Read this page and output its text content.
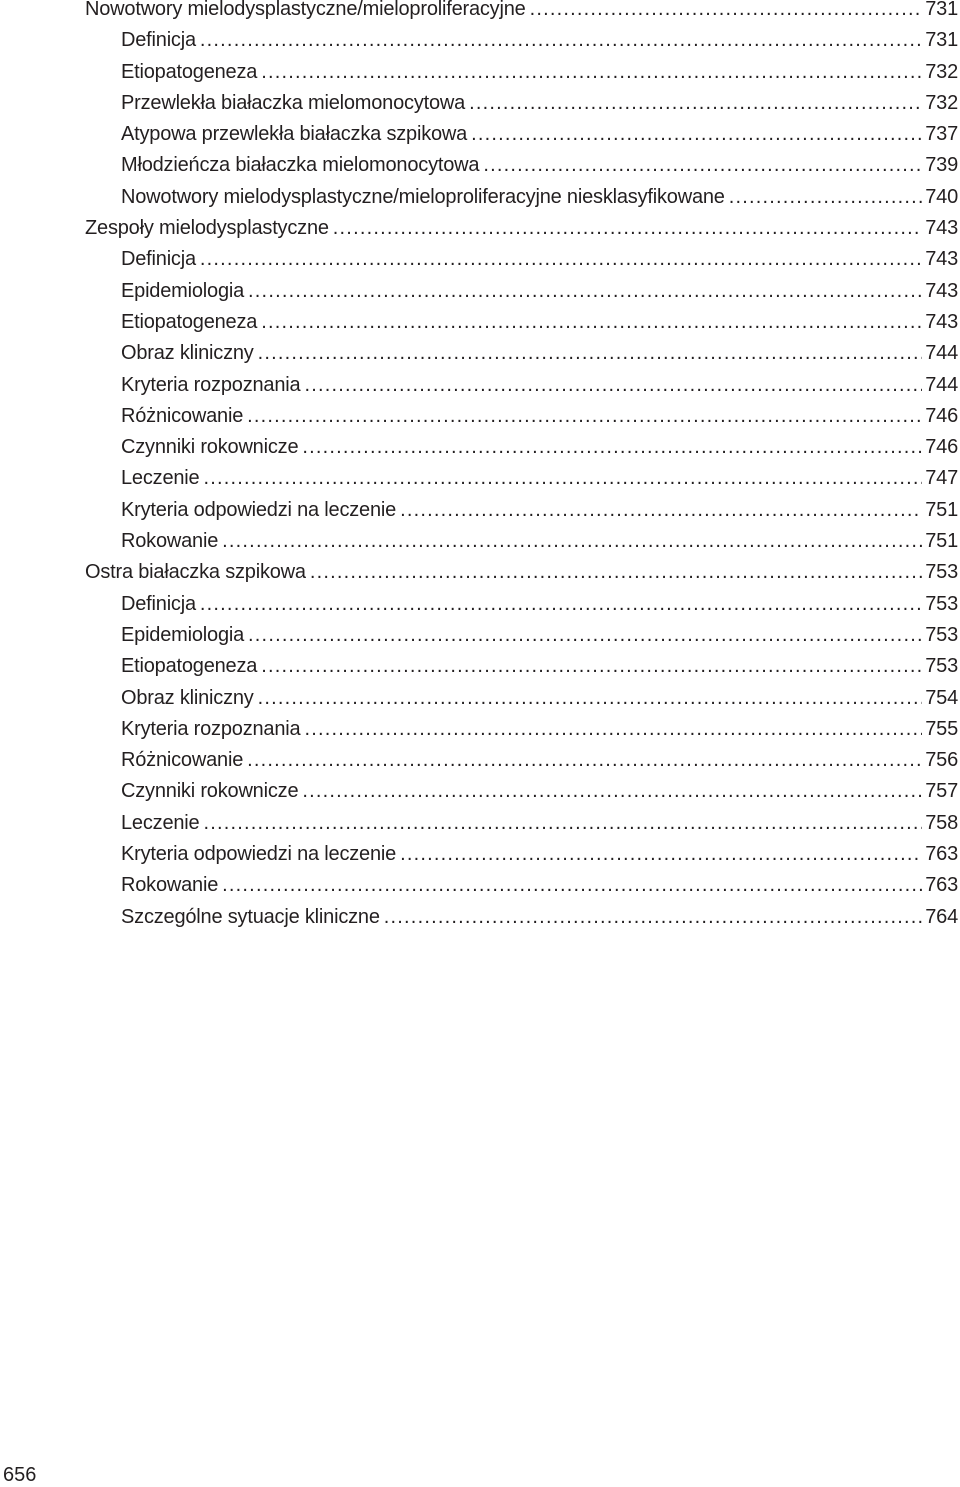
Nowotwory mielodysplastyczne/mieloproliferacyjne .....	731
Definicja .....	731
Etiopatogeneza .....	732
Przewlekła białaczka mielomonocytowa .....	732
Atypowa przewlekła białaczka szpikowa .....	737
Młodzieńcza białaczka mielomonocytowa .....	739
Nowotwory mielodysplastyczne/mieloproliferacyjne niesklasyfikowane .....	740
Zespoły mielodysplastyczne .....	743
Definicja .....	743
Epidemiologia .....	743
Etiopatogeneza .....	743
Obraz kliniczny .....	744
Kryteria rozpoznania .....	744
Różnicowanie .....	746
Czynniki rokownicze .....	746
Leczenie .....	747
Kryteria odpowiedzi na leczenie .....	751
Rokowanie .....	751
Ostra białaczka szpikowa .....	753
Definicja .....	753
Epidemiologia .....	753
Etiopatogeneza .....	753
Obraz kliniczny .....	754
Kryteria rozpoznania .....	755
Różnicowanie .....	756
Czynniki rokownicze .....	757
Leczenie .....	758
Kryteria odpowiedzi na leczenie .....	763
Rokowanie .....	763
Szczególne sytuacje kliniczne .....	764
656
